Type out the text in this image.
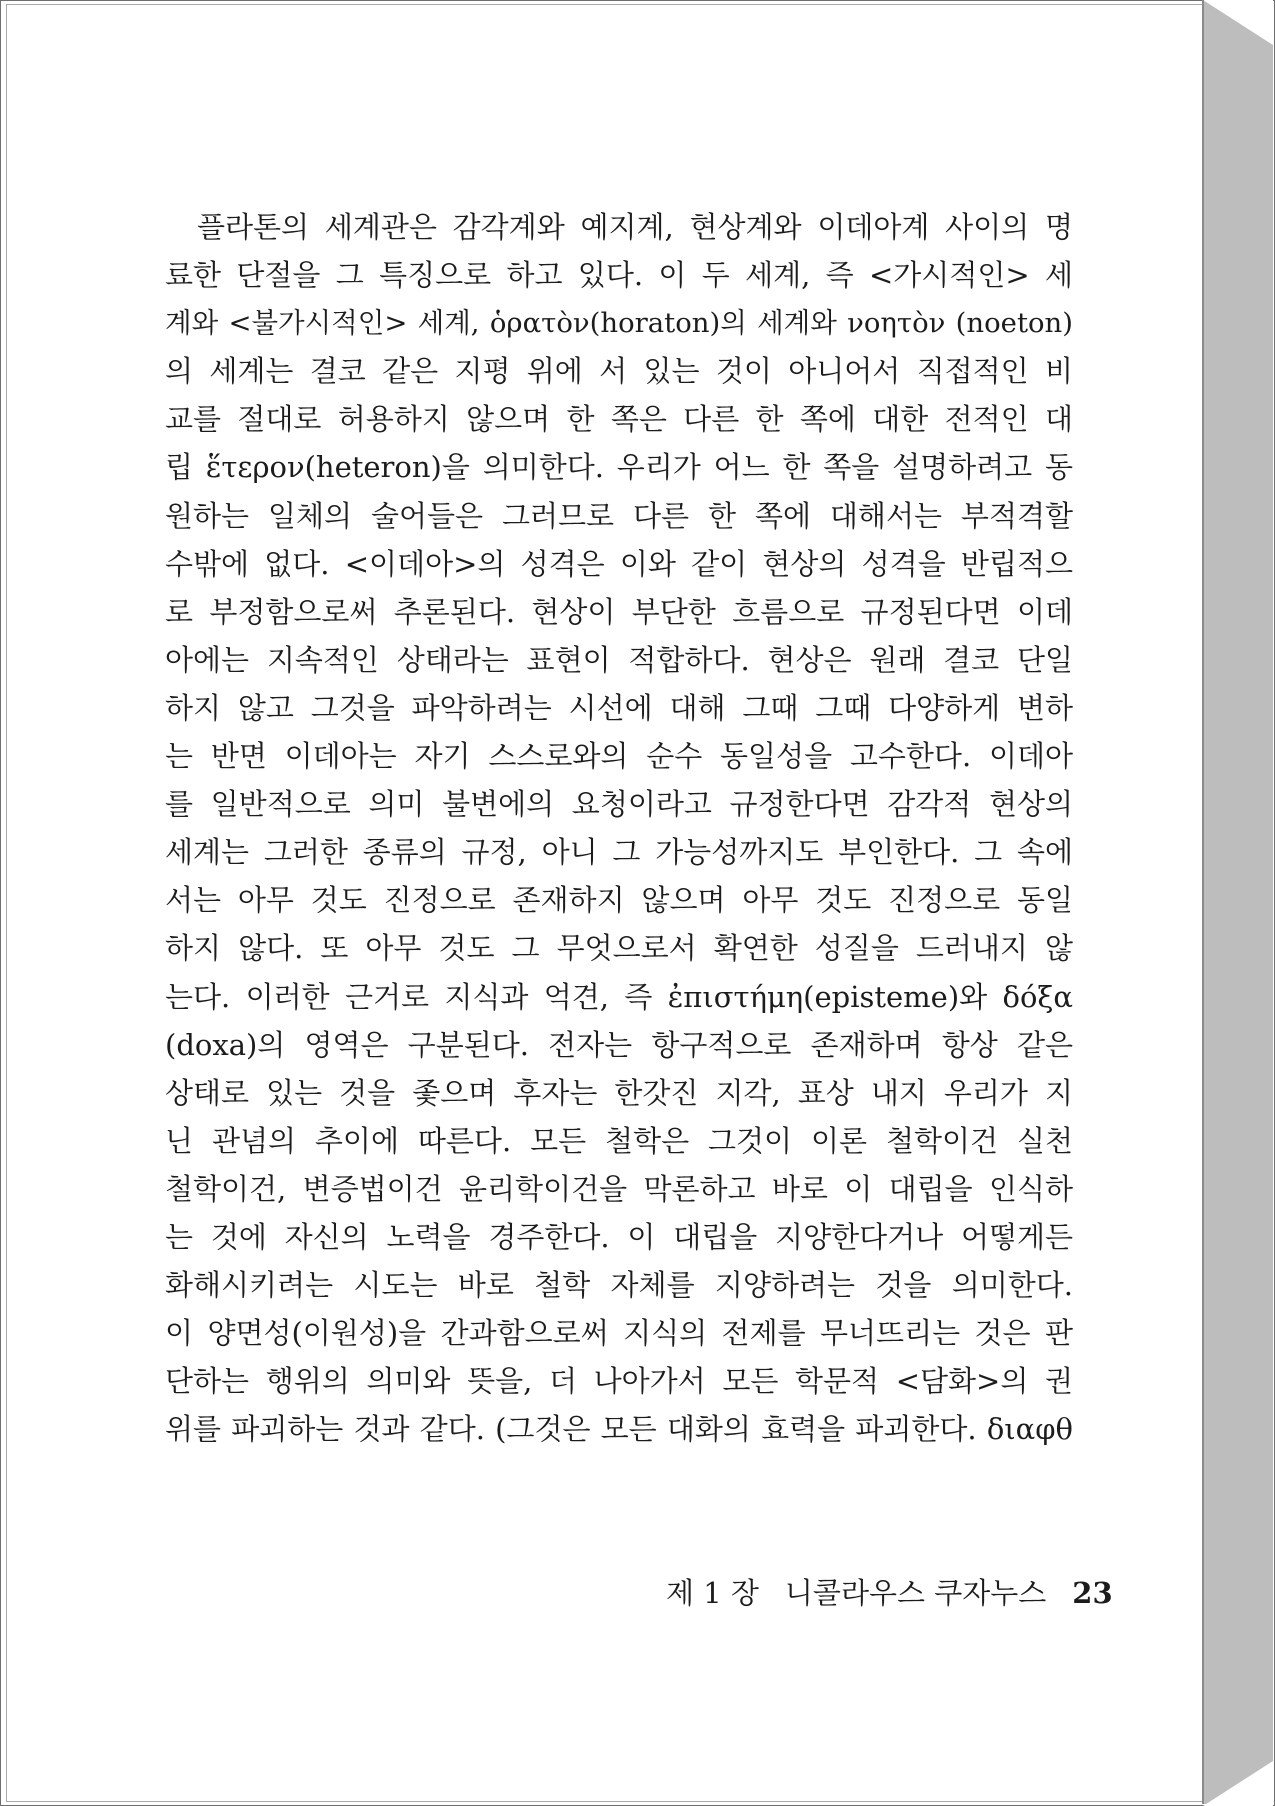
플라톤의 세계관은 감각계와 예지계, 현상계와 이데아계 사이의 명
료한 단절을 그 특징으로 하고 있다. 이 두 세계, 즉 <가시적인> 세
계와 <불가시적인> 세계, ὁρατὸν(horaton)의 세계와 νοητὸν (noeton)
의 세계는 결코 같은 지평 위에 서 있는 것이 아니어서 직접적인 비
교를 절대로 허용하지 않으며 한 쪽은 다른 한 쪽에 대한 전적인 대
립 ἕτερον(heteron)을 의미한다. 우리가 어느 한 쪽을 설명하려고 동
원하는 일체의 술어들은 그러므로 다른 한 쪽에 대해서는 부적격할
수밖에 없다. <이데아>의 성격은 이와 같이 현상의 성격을 반립적으
로 부정함으로써 추론된다. 현상이 부단한 흐름으로 규정된다면 이데
아에는 지속적인 상태라는 표현이 적합하다. 현상은 원래 결코 단일
하지 않고 그것을 파악하려는 시선에 대해 그때 그때 다양하게 변하
는 반면 이데아는 자기 스스로와의 순수 동일성을 고수한다. 이데아
를 일반적으로 의미 불변에의 요청이라고 규정한다면 감각적 현상의
세계는 그러한 종류의 규정, 아니 그 가능성까지도 부인한다. 그 속에
서는 아무 것도 진정으로 존재하지 않으며 아무 것도 진정으로 동일
하지 않다. 또 아무 것도 그 무엇으로서 확연한 성질을 드러내지 않
는다. 이러한 근거로 지식과 억견, 즉 ἐπιστήμη(episteme)와 δόξα
(doxa)의 영역은 구분된다. 전자는 항구적으로 존재하며 항상 같은
상태로 있는 것을 좇으며 후자는 한갓진 지각, 표상 내지 우리가 지
닌 관념의 추이에 따른다. 모든 철학은 그것이 이론 철학이건 실천
철학이건, 변증법이건 윤리학이건을 막론하고 바로 이 대립을 인식하
는 것에 자신의 노력을 경주한다. 이 대립을 지양한다거나 어떻게든
화해시키려는 시도는 바로 철학 자체를 지양하려는 것을 의미한다.
이 양면성(이원성)을 간과함으로써 지식의 전제를 무너뜨리는 것은 판
단하는 행위의 의미와 뜻을, 더 나아가서 모든 학문적 <담화>의 권
위를 파괴하는 것과 같다. (그것은 모든 대화의 효력을 파괴한다. διαφθ
제 1 장 니콜라우스 쿠자누스 23
